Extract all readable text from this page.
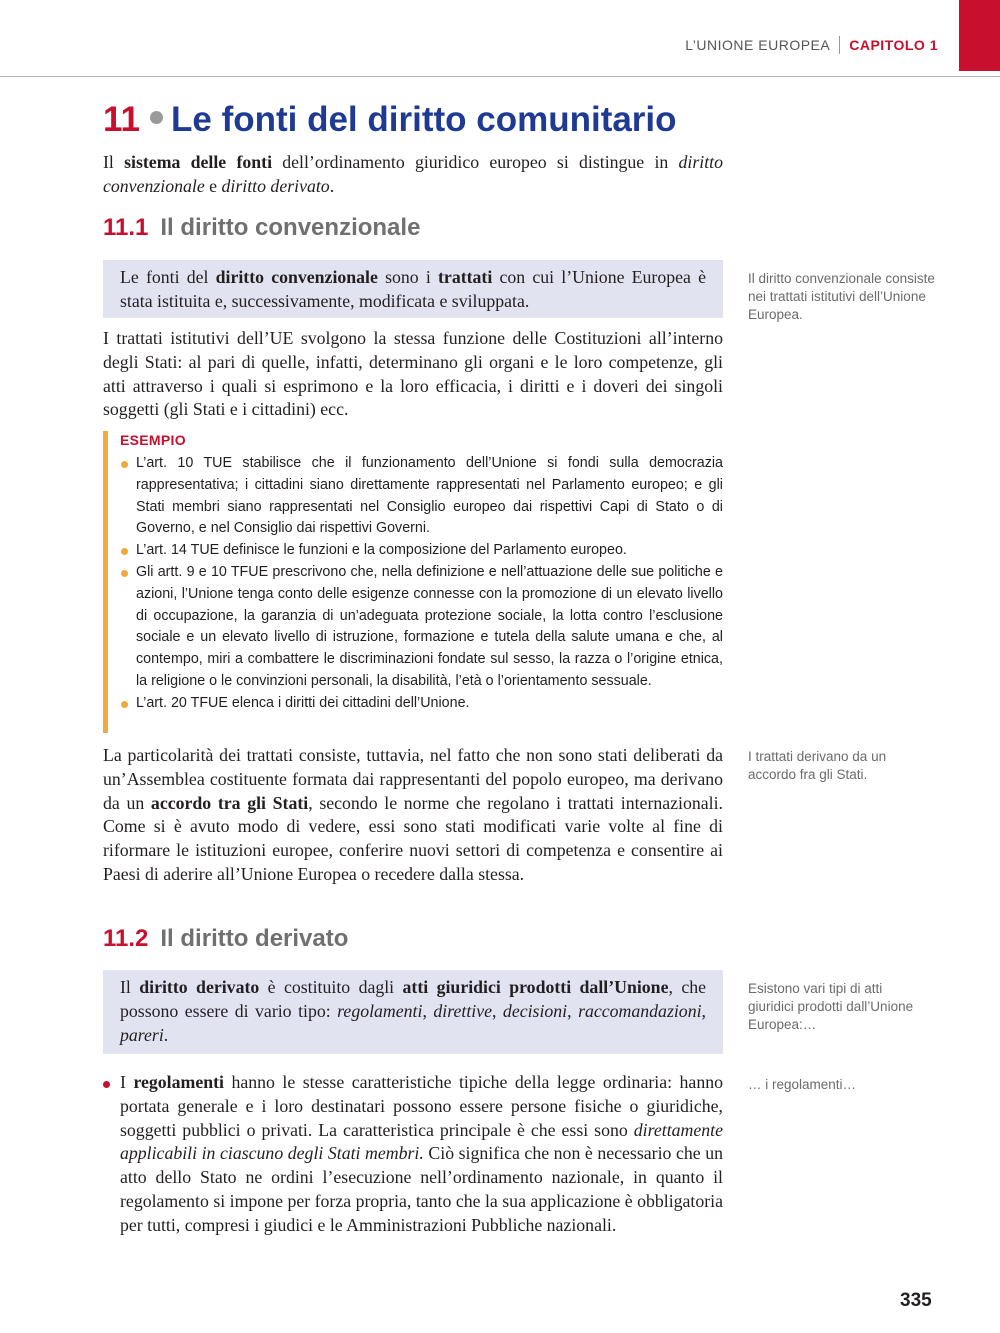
L’UNIONE EUROPEA CAPITOLO 1
11 Le fonti del diritto comunitario

Il sistema delle fonti dell’ordinamento giuridico europeo si distingue in diritto convenzionale e diritto derivato.

11.1 Il diritto convenzionale
Le fonti del diritto convenzionale sono i trattati con cui l’Unione Europea è stata istituita e, successivamente, modificata e sviluppata.
Il diritto convenzionale consiste nei trattati istitutivi dell’Unione Europea.

I trattati istitutivi dell’UE svolgono la stessa funzione delle Costituzioni all’interno degli Stati: al pari di quelle, infatti, determinano gli organi e le loro competenze, gli atti attraverso i quali si esprimono e la loro efficacia, i diritti e i doveri dei singoli soggetti (gli Stati e i cittadini) ecc.

ESEMPIO
L’art. 10 TUE stabilisce che il funzionamento dell’Unione si fondi sulla democrazia rappresentativa; i cittadini siano direttamente rappresentati nel Parlamento europeo; e gli Stati membri siano rappresentati nel Consiglio europeo dai rispettivi Capi di Stato o di Governo, e nel Consiglio dai rispettivi Governi.
L’art. 14 TUE definisce le funzioni e la composizione del Parlamento europeo.
Gli artt. 9 e 10 TFUE prescrivono che, nella definizione e nell’attuazione delle sue politiche e azioni, l’Unione tenga conto delle esigenze connesse con la promozione di un elevato livello di occupazione, la garanzia di un’adeguata protezione sociale, la lotta contro l’esclusione sociale e un elevato livello di istruzione, formazione e tutela della salute umana e che, al contempo, miri a combattere le discriminazioni fondate sul sesso, la razza o l’origine etnica, la religione o le convinzioni personali, la disabilità, l’età o l’orientamento sessuale.
L’art. 20 TFUE elenca i diritti dei cittadini dell’Unione.

La particolarità dei trattati consiste, tuttavia, nel fatto che non sono stati deliberati da un’Assemblea costituente formata dai rappresentanti del popolo europeo, ma derivano da un accordo tra gli Stati, secondo le norme che regolano i trattati internazionali. Come si è avuto modo di vedere, essi sono stati modificati varie volte al fine di riformare le istituzioni europee, conferire nuovi settori di competenza e consentire ai Paesi di aderire all’Unione Europea o recedere dalla stessa.

I trattati derivano da un accordo fra gli Stati.
11.2 Il diritto derivato
Il diritto derivato è costituito dagli atti giuridici prodotti dall’Unione, che possono essere di vario tipo: regolamenti, direttive, decisioni, raccomandazioni, pareri.
Esistono vari tipi di atti giuridici prodotti dall’Unione Europea:…

I regolamenti hanno le stesse caratteristiche tipiche della legge ordinaria: hanno portata generale e i loro destinatari possono essere persone fisiche o giuridiche, soggetti pubblici o privati. La caratteristica principale è che essi sono direttamente applicabili in ciascuno degli Stati membri. Ciò significa che non è necessario che un atto dello Stato ne ordini l’esecuzione nell’ordinamento nazionale, in quanto il regolamento si impone per forza propria, tanto che la sua applicazione è obbligatoria per tutti, compresi i giudici e le Amministrazioni Pubbliche nazionali.

… i regolamenti…
335
